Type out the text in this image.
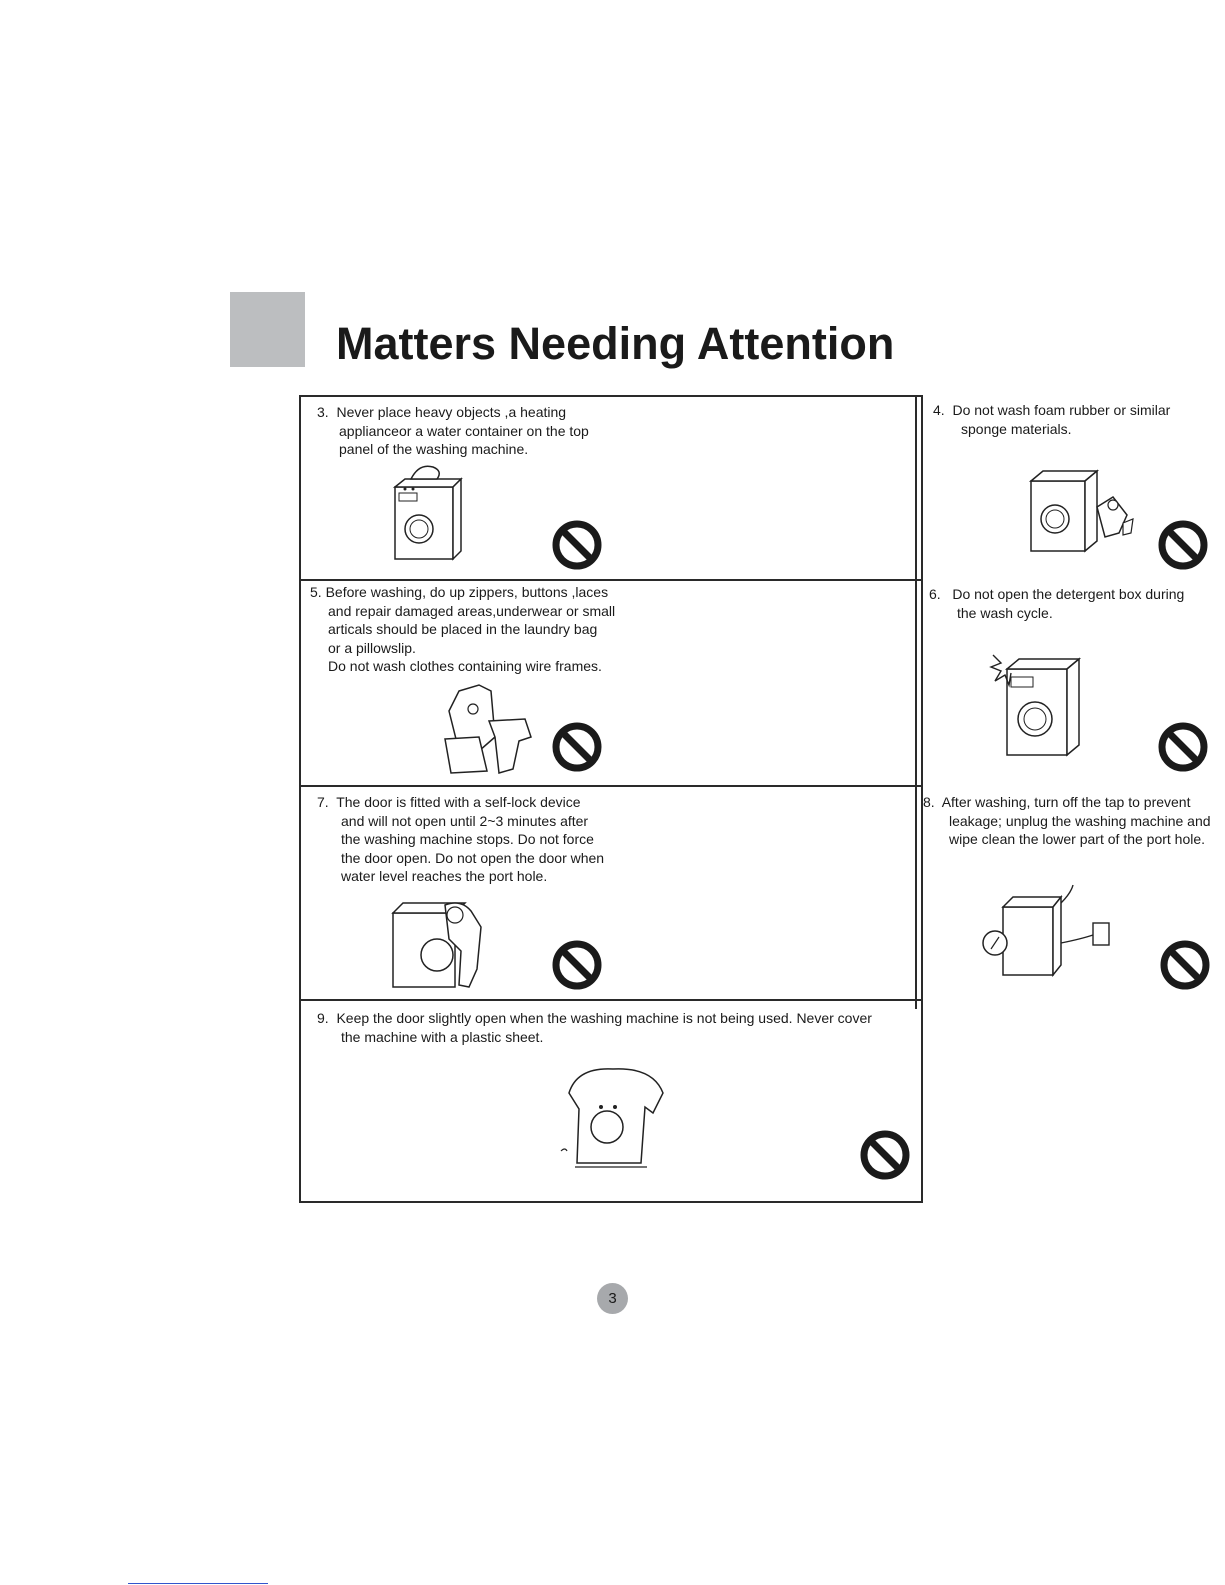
Matters Needing Attention
3. Never place heavy objects ,a heating
applianceor a water container on the top
panel of the washing machine.
4. Do not wash foam rubber or similar
sponge materials.
5. Before washing, do up zippers, buttons ,laces
and repair damaged areas,underwear or small
articals should be placed in the laundry bag
or a pillowslip.
Do not wash clothes containing wire frames.
6. Do not open the detergent box during
the wash cycle.
7. The door is fitted with a self-lock device
and will not open until 2~3 minutes after
the washing machine stops. Do not force
the door open. Do not open the door when
water level reaches the port hole.
8. After washing, turn off the tap to prevent
leakage; unplug the washing machine and
wipe clean the lower part of the port hole.
9. Keep the door slightly open when the washing machine is not being used. Never cover
the machine with a plastic sheet.
3
